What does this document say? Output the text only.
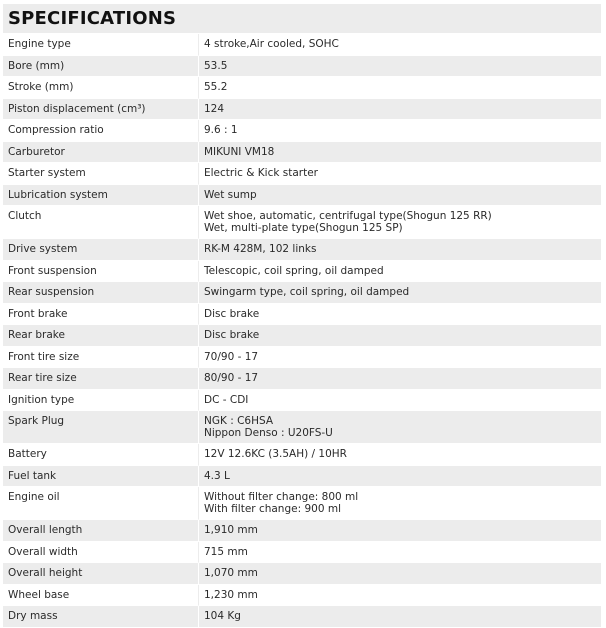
SPECIFICATIONS
Engine type	4 stroke,Air cooled, SOHC

Bore (mm)	53.5

Stroke (mm)	55.2

Piston displacement (cm³)	124

Compression ratio	9.6 : 1

Carburetor	MIKUNI VM18

Starter system	Electric & Kick starter

Lubrication system	Wet sump

Clutch	Wet shoe, automatic, centrifugal type(Shogun 125 RR)
Wet, multi-plate type(Shogun 125 SP)

Drive system	RK-M 428M, 102 links

Front suspension	Telescopic, coil spring, oil damped

Rear suspension	Swingarm type, coil spring, oil damped

Front brake	Disc brake

Rear brake	Disc brake

Front tire size	70/90 - 17

Rear tire size	80/90 - 17

Ignition type	DC - CDI

Spark Plug	NGK : C6HSA
Nippon Denso : U20FS-U

Battery	12V 12.6KC (3.5AH) / 10HR

Fuel tank	4.3 L

Engine oil	Without filter change: 800 ml
With filter change: 900 ml

Overall length	1,910 mm

Overall width	715 mm

Overall height	1,070 mm

Wheel base	1,230 mm

Dry mass	104 Kg
